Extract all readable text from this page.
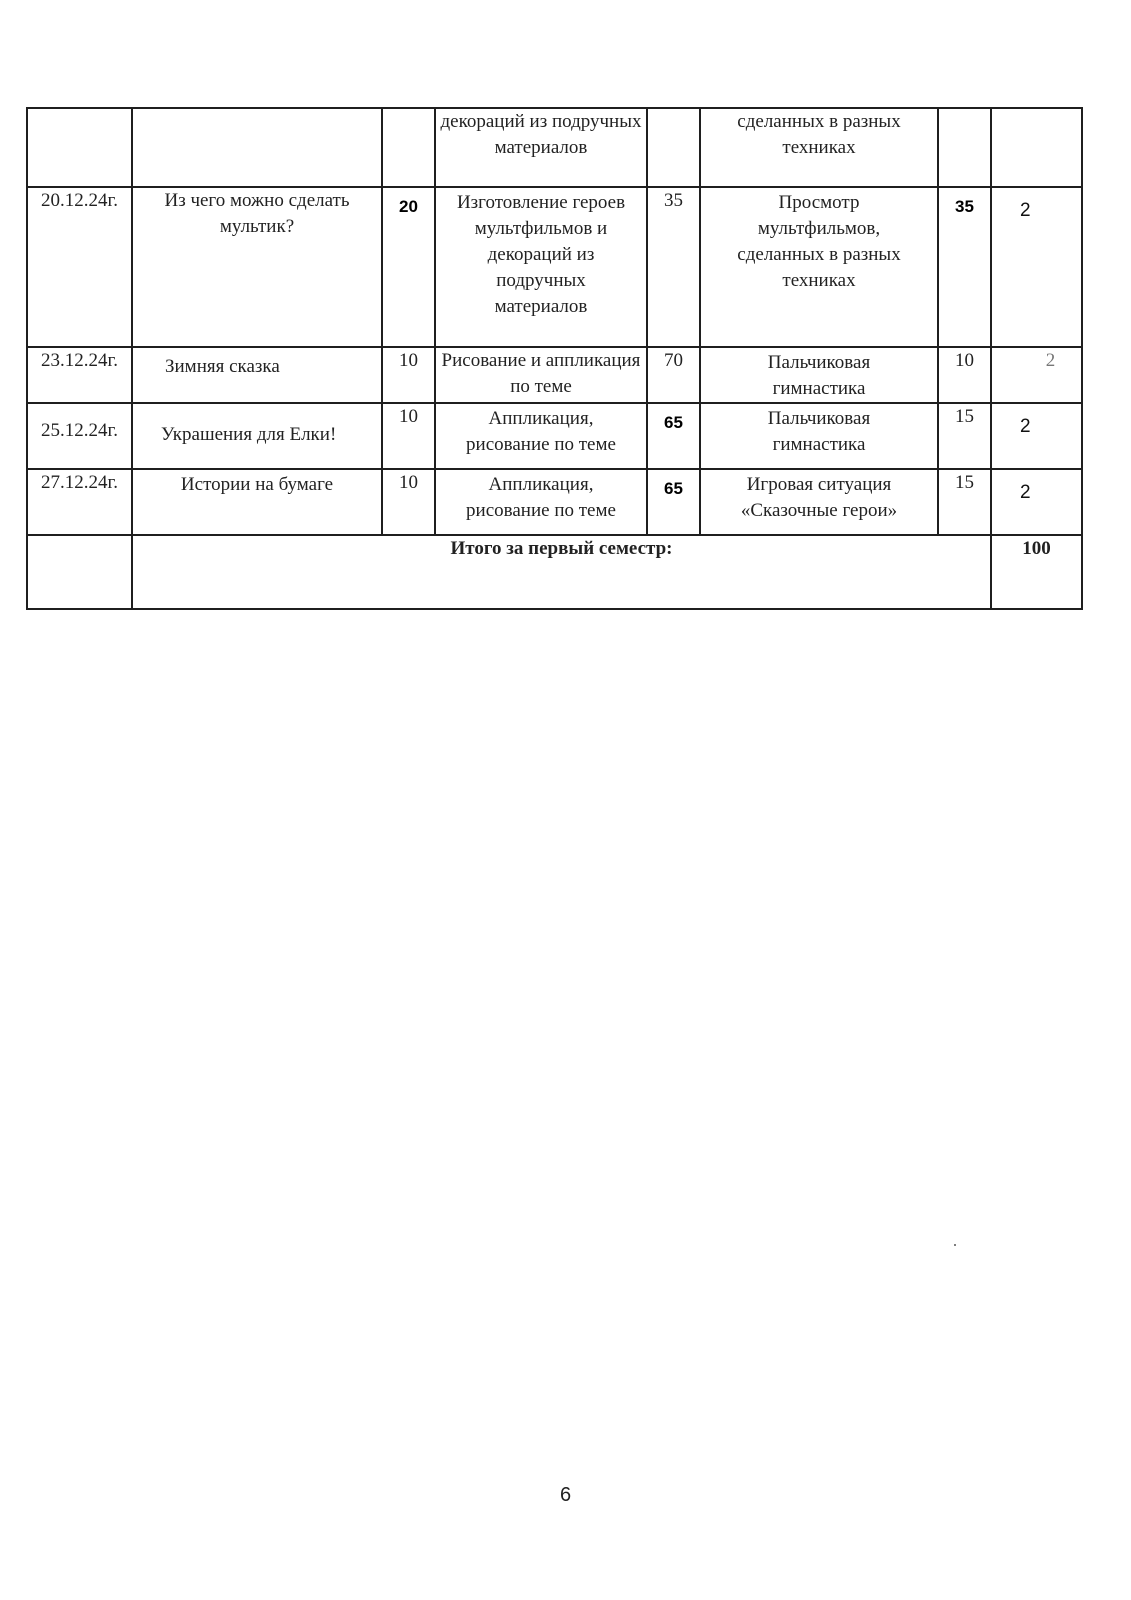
			декораций из подручных материалов		сделанных в разных техниках		
20.12.24г.	Из чего можно сделать мультик?	20	Изготовление героев мультфильмов и декораций из подручных материалов	35	Просмотр мультфильмов, сделанных в разных техниках	35	2
23.12.24г.	Зимняя сказка	10	Рисование и аппликация по теме	70	Пальчиковая гимнастика	10	2
25.12.24г.	Украшения для Елки!	10	Аппликация, рисование по теме	65	Пальчиковая гимнастика	15	2
27.12.24г.	Истории на бумаге	10	Аппликация, рисование по теме	65	Игровая ситуация «Сказочные герои»	15	2
	Итого за первый семестр:						100
6
